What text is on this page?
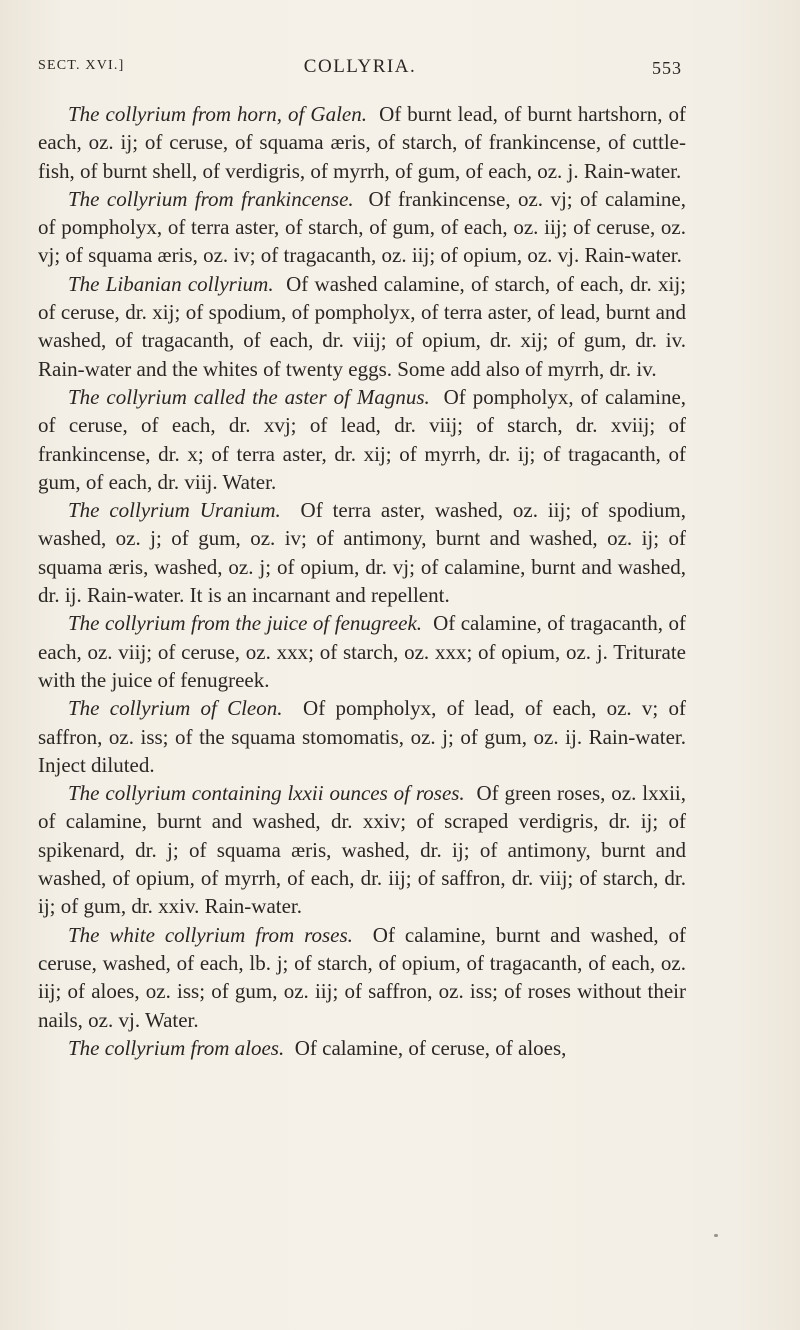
SECT. XVI.]	COLLYRIA.	553

The collyrium from horn, of Galen. Of burnt lead, of burnt hartshorn, of each, oz. ij; of ceruse, of squama æris, of starch, of frankincense, of cuttle-fish, of burnt shell, of verdigris, of myrrh, of gum, of each, oz. j. Rain-water.

The collyrium from frankincense. Of frankincense, oz. vj; of calamine, of pompholyx, of terra aster, of starch, of gum, of each, oz. iij; of ceruse, oz. vj; of squama æris, oz. iv; of tragacanth, oz. iij; of opium, oz. vj. Rain-water.

The Libanian collyrium. Of washed calamine, of starch, of each, dr. xij; of ceruse, dr. xij; of spodium, of pompholyx, of terra aster, of lead, burnt and washed, of tragacanth, of each, dr. viij; of opium, dr. xij; of gum, dr. iv. Rain-water and the whites of twenty eggs. Some add also of myrrh, dr. iv.

The collyrium called the aster of Magnus. Of pompholyx, of calamine, of ceruse, of each, dr. xvj; of lead, dr. viij; of starch, dr. xviij; of frankincense, dr. x; of terra aster, dr. xij; of myrrh, dr. ij; of tragacanth, of gum, of each, dr. viij. Water.

The collyrium Uranium. Of terra aster, washed, oz. iij; of spodium, washed, oz. j; of gum, oz. iv; of antimony, burnt and washed, oz. ij; of squama æris, washed, oz. j; of opium, dr. vj; of calamine, burnt and washed, dr. ij. Rain-water. It is an incarnant and repellent.

The collyrium from the juice of fenugreek. Of calamine, of tragacanth, of each, oz. viij; of ceruse, oz. xxx; of starch, oz. xxx; of opium, oz. j. Triturate with the juice of fenugreek.

The collyrium of Cleon. Of pompholyx, of lead, of each, oz. v; of saffron, oz. iss; of the squama stomomatis, oz. j; of gum, oz. ij. Rain-water. Inject diluted.

The collyrium containing lxxii ounces of roses. Of green roses, oz. lxxii, of calamine, burnt and washed, dr. xxiv; of scraped verdigris, dr. ij; of spikenard, dr. j; of squama æris, washed, dr. ij; of antimony, burnt and washed, of opium, of myrrh, of each, dr. iij; of saffron, dr. viij; of starch, dr. ij; of gum, dr. xxiv. Rain-water.

The white collyrium from roses. Of calamine, burnt and washed, of ceruse, washed, of each, lb. j; of starch, of opium, of tragacanth, of each, oz. iij; of aloes, oz. iss; of gum, oz. iij; of saffron, oz. iss; of roses without their nails, oz. vj. Water.

The collyrium from aloes. Of calamine, of ceruse, of aloes,
